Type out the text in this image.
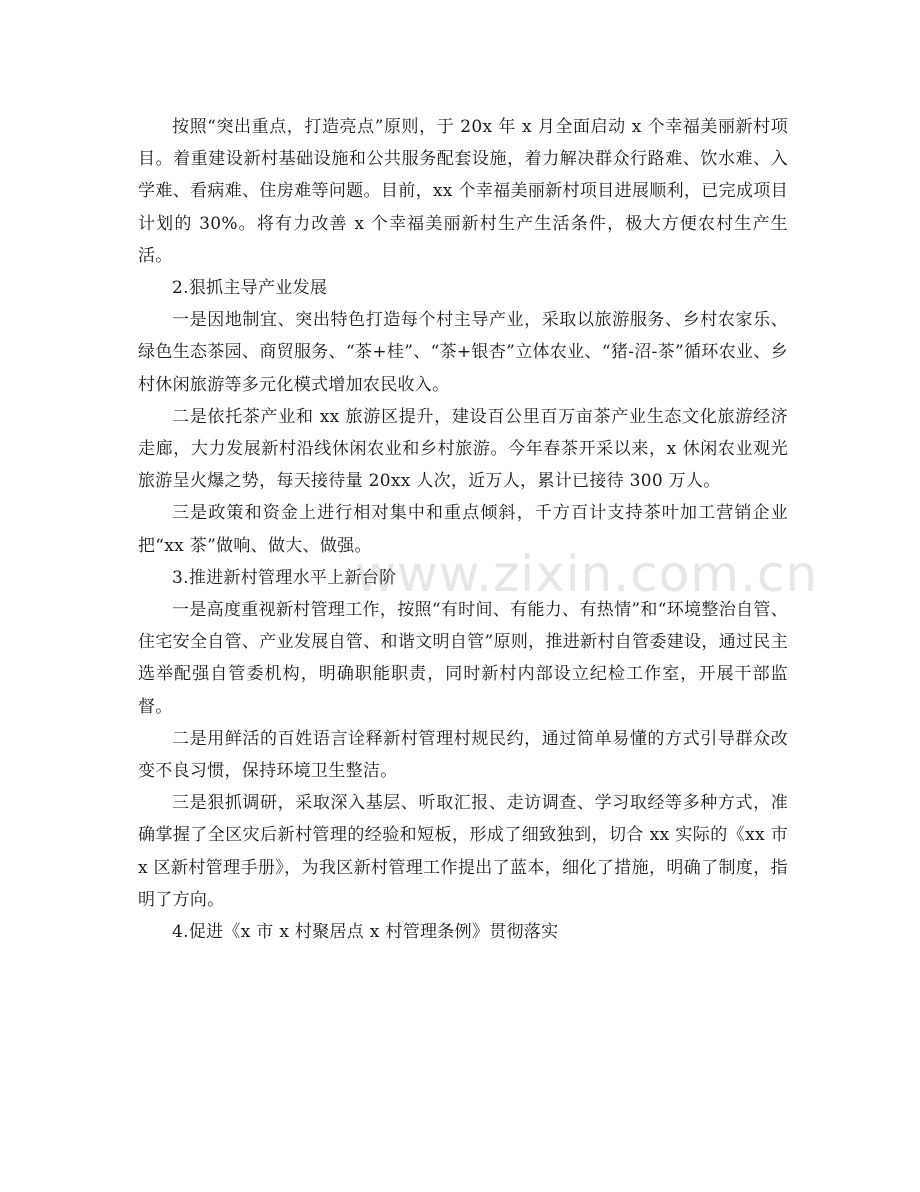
www.zixin.com.cn

按照“突出重点，打造亮点”原则，于 20x 年 x 月全面启动 x 个幸福美丽新村项目。着重建设新村基础设施和公共服务配套设施，着力解决群众行路难、饮水难、入学难、看病难、住房难等问题。目前，xx 个幸福美丽新村项目进展顺利，已完成项目计划的 30%。将有力改善 x 个幸福美丽新村生产生活条件，极大方便农村生产生活。

2.狠抓主导产业发展

一是因地制宜、突出特色打造每个村主导产业，采取以旅游服务、乡村农家乐、绿色生态茶园、商贸服务、“茶+桂”、“茶+银杏”立体农业、“猪-沼-茶”循环农业、乡村休闲旅游等多元化模式增加农民收入。

二是依托茶产业和 xx 旅游区提升，建设百公里百万亩茶产业生态文化旅游经济走廊，大力发展新村沿线休闲农业和乡村旅游。今年春茶开采以来，x 休闲农业观光旅游呈火爆之势，每天接待量 20xx 人次，近万人，累计已接待 300 万人。

三是政策和资金上进行相对集中和重点倾斜，千方百计支持茶叶加工营销企业把“xx 茶”做响、做大、做强。

3.推进新村管理水平上新台阶

一是高度重视新村管理工作，按照“有时间、有能力、有热情”和“环境整治自管、住宅安全自管、产业发展自管、和谐文明自管”原则，推进新村自管委建设，通过民主选举配强自管委机构，明确职能职责，同时新村内部设立纪检工作室，开展干部监督。

二是用鲜活的百姓语言诠释新村管理村规民约，通过简单易懂的方式引导群众改变不良习惯，保持环境卫生整洁。

三是狠抓调研，采取深入基层、听取汇报、走访调查、学习取经等多种方式，准确掌握了全区灾后新村管理的经验和短板，形成了细致独到，切合 xx 实际的《xx 市 x 区新村管理手册》，为我区新村管理工作提出了蓝本，细化了措施，明确了制度，指明了方向。

4.促进《x 市 x 村聚居点 x 村管理条例》贯彻落实
